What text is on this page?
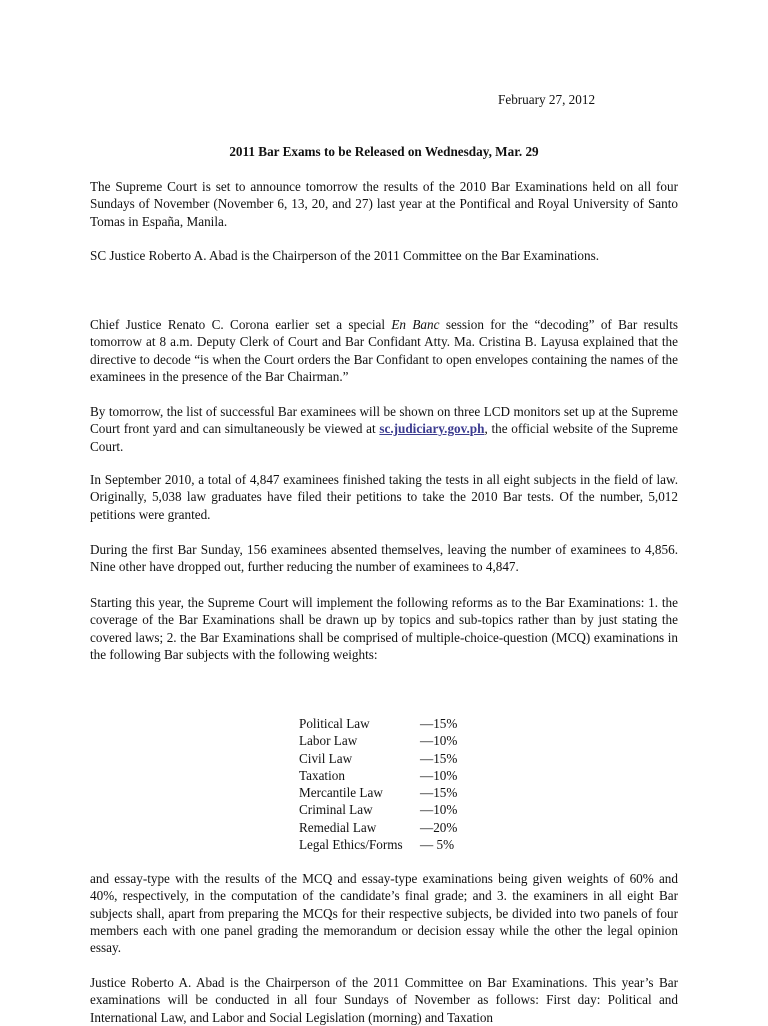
February 27, 2012

2011 Bar Exams to be Released on Wednesday, Mar. 29

The Supreme Court is set to announce tomorrow the results of the 2010 Bar Examinations held on all four Sundays of November (November 6, 13, 20, and 27) last year at the Pontifical and Royal University of Santo Tomas in España, Manila.

SC Justice Roberto A. Abad is the Chairperson of the 2011 Committee on the Bar Examinations.

Chief Justice Renato C. Corona earlier set a special En Banc session for the “decoding” of Bar results tomorrow at 8 a.m. Deputy Clerk of Court and Bar Confidant Atty. Ma. Cristina B. Layusa explained that the directive to decode “is when the Court orders the Bar Confidant to open envelopes containing the names of the examinees in the presence of the Bar Chairman.”

By tomorrow, the list of successful Bar examinees will be shown on three LCD monitors set up at the Supreme Court front yard and can simultaneously be viewed at sc.judiciary.gov.ph, the official website of the Supreme Court.

In September 2010, a total of 4,847 examinees finished taking the tests in all eight subjects in the field of law. Originally, 5,038 law graduates have filed their petitions to take the 2010 Bar tests. Of the number, 5,012 petitions were granted.

During the first Bar Sunday, 156 examinees absented themselves, leaving the number of examinees to 4,856. Nine other have dropped out, further reducing the number of examinees to 4,847.

Starting this year, the Supreme Court will implement the following reforms as to the Bar Examinations: 1. the coverage of the Bar Examinations shall be drawn up by topics and sub-topics rather than by just stating the covered laws; 2. the Bar Examinations shall be comprised of multiple-choice-question (MCQ) examinations in the following Bar subjects with the following weights:

Political Law	—15%
Labor Law	—10%
Civil Law	—15%
Taxation	—10%
Mercantile Law	—15%
Criminal Law	—10%
Remedial Law	—20%
Legal Ethics/Forms — 5%

and essay-type with the results of the MCQ and essay-type examinations being given weights of 60% and 40%, respectively, in the computation of the candidate’s final grade; and 3. the examiners in all eight Bar subjects shall, apart from preparing the MCQs for their respective subjects, be divided into two panels of four members each with one panel grading the memorandum or decision essay while the other the legal opinion essay.

Justice Roberto A. Abad is the Chairperson of the 2011 Committee on Bar Examinations. This year’s Bar examinations will be conducted in all four Sundays of November as follows: First day: Political and International Law, and Labor and Social Legislation (morning) and Taxation
